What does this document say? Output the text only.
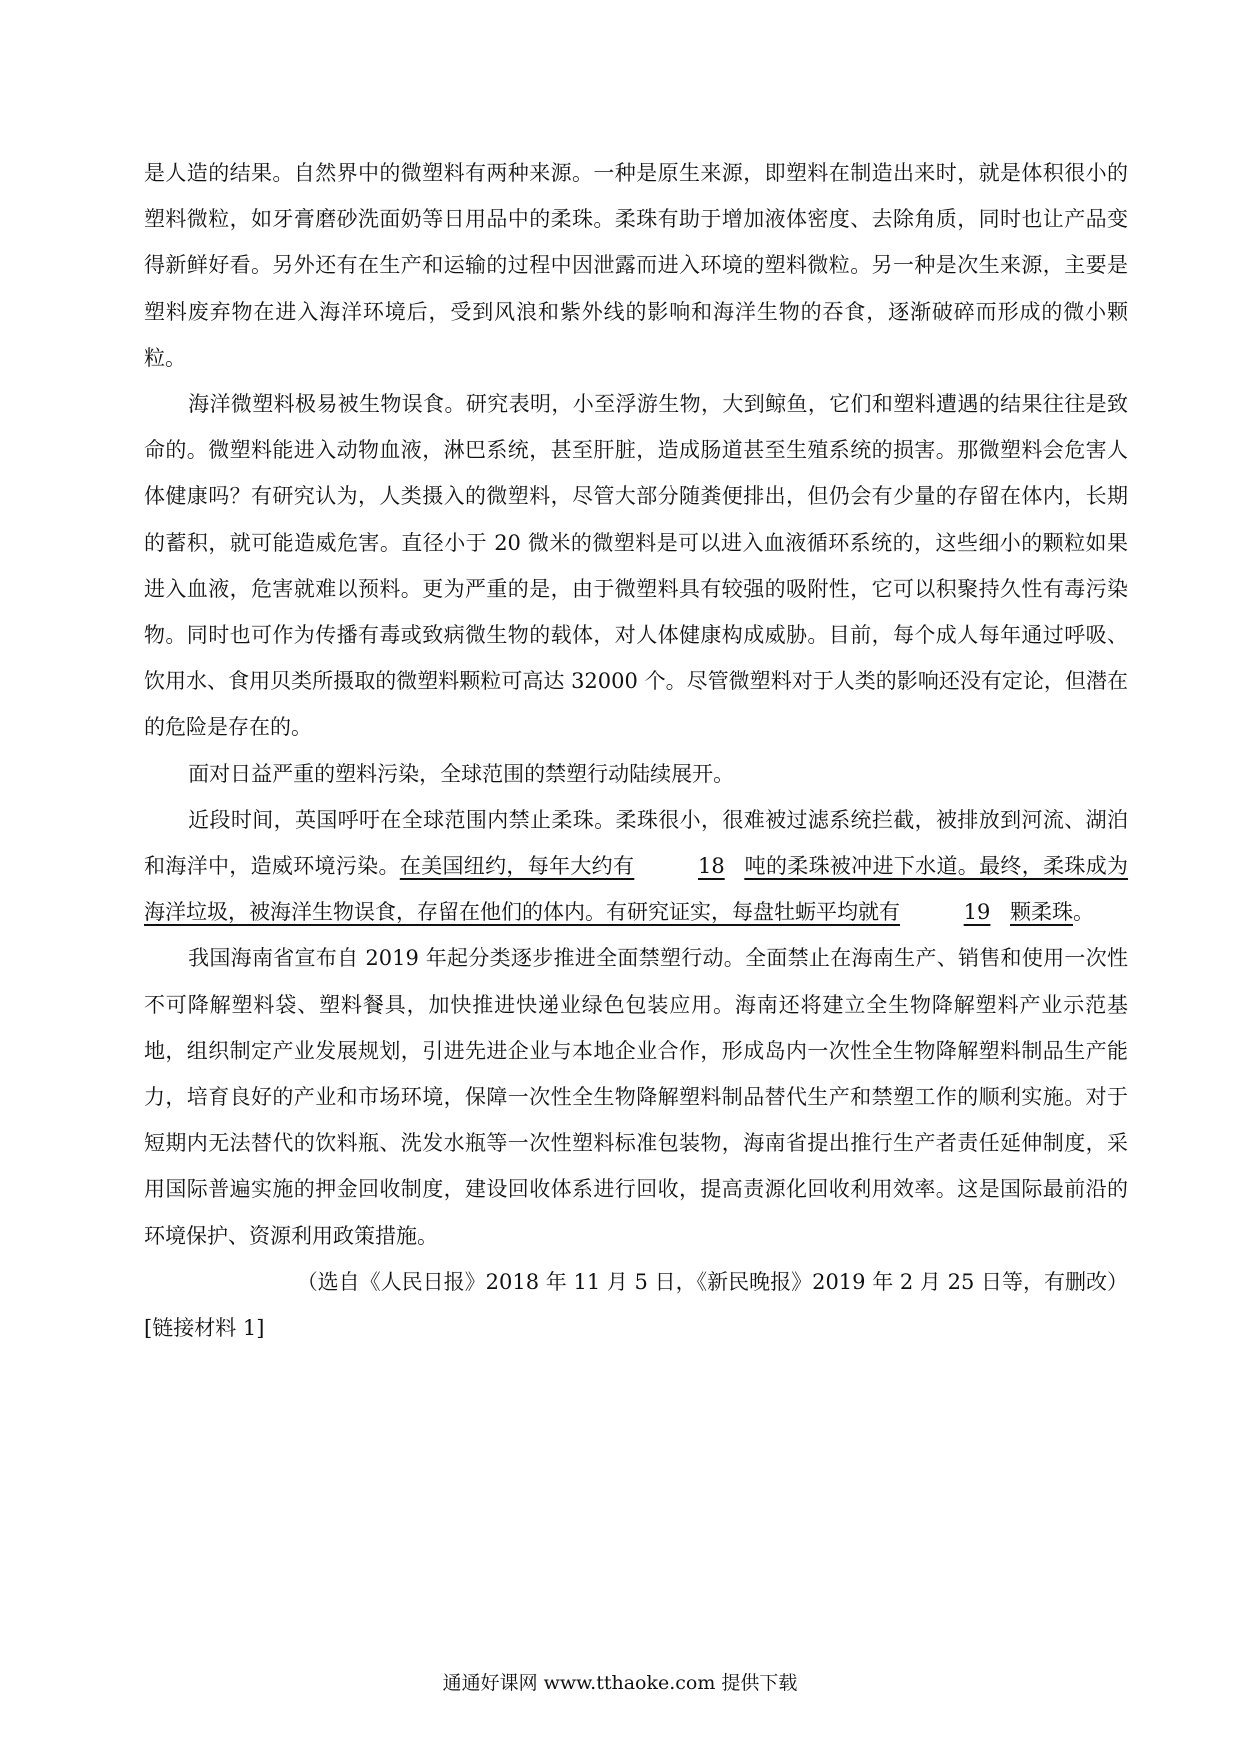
是人造的结果。自然界中的微塑料有两种来源。一种是原生来源，即塑料在制造出来时，就是体积很小的塑料微粒，如牙膏磨砂洗面奶等日用品中的柔珠。柔珠有助于增加液体密度、去除角质，同时也让产品变得新鲜好看。另外还有在生产和运输的过程中因泄露而进入环境的塑料微粒。另一种是次生来源，主要是塑料废弃物在进入海洋环境后，受到风浪和紫外线的影响和海洋生物的吞食，逐渐破碎而形成的微小颗粒。

海洋微塑料极易被生物误食。研究表明，小至浮游生物，大到鲸鱼，它们和塑料遭遇的结果往往是致命的。微塑料能进入动物血液，淋巴系统，甚至肝脏，造成肠道甚至生殖系统的损害。那微塑料会危害人体健康吗？有研究认为，人类摄入的微塑料，尽管大部分随粪便排出，但仍会有少量的存留在体内，长期的蓄积，就可能造威危害。直径小于 20 微米的微塑料是可以进入血液循环系统的，这些细小的颗粒如果进入血液，危害就难以预料。更为严重的是，由于微塑料具有较强的吸附性，它可以积聚持久性有毒污染物。同时也可作为传播有毒或致病微生物的载体，对人体健康构成威胁。目前，每个成人每年通过呼吸、饮用水、食用贝类所摄取的微塑料颗粒可高达 32000 个。尽管微塑料对于人类的影响还没有定论，但潜在的危险是存在的。

面对日益严重的塑料污染，全球范围的禁塑行动陆续展开。

近段时间，英国呼吁在全球范围内禁止柔珠。柔珠很小，很难被过滤系统拦截，被排放到河流、湖泊和海洋中，造威环境污染。在美国纽约，每年大约有	18 吨的柔珠被冲进下水道。最终，柔珠成为海洋垃圾，被海洋生物误食，存留在他们的体内。有研究证实，每盘牡蛎平均就有	19 颗柔珠。

我国海南省宣布自 2019 年起分类逐步推进全面禁塑行动。全面禁止在海南生产、销售和使用一次性不可降解塑料袋、塑料餐具，加快推进快递业绿色包装应用。海南还将建立全生物降解塑料产业示范基地，组织制定产业发展规划，引进先进企业与本地企业合作，形成岛内一次性全生物降解塑料制品生产能力，培育良好的产业和市场环境，保障一次性全生物降解塑料制品替代生产和禁塑工作的顺利实施。对于短期内无法替代的饮料瓶、洗发水瓶等一次性塑料标准包装物，海南省提出推行生产者责任延伸制度，采用国际普遍实施的押金回收制度，建设回收体系进行回收，提高责源化回收利用效率。这是国际最前沿的环境保护、资源利用政策措施。

（选自《人民日报》2018 年 11 月 5 日，《新民晚报》2019 年 2 月 25 日等，有删改）

[链接材料 1]

通通好课网 www.tthaoke.com 提供下载
